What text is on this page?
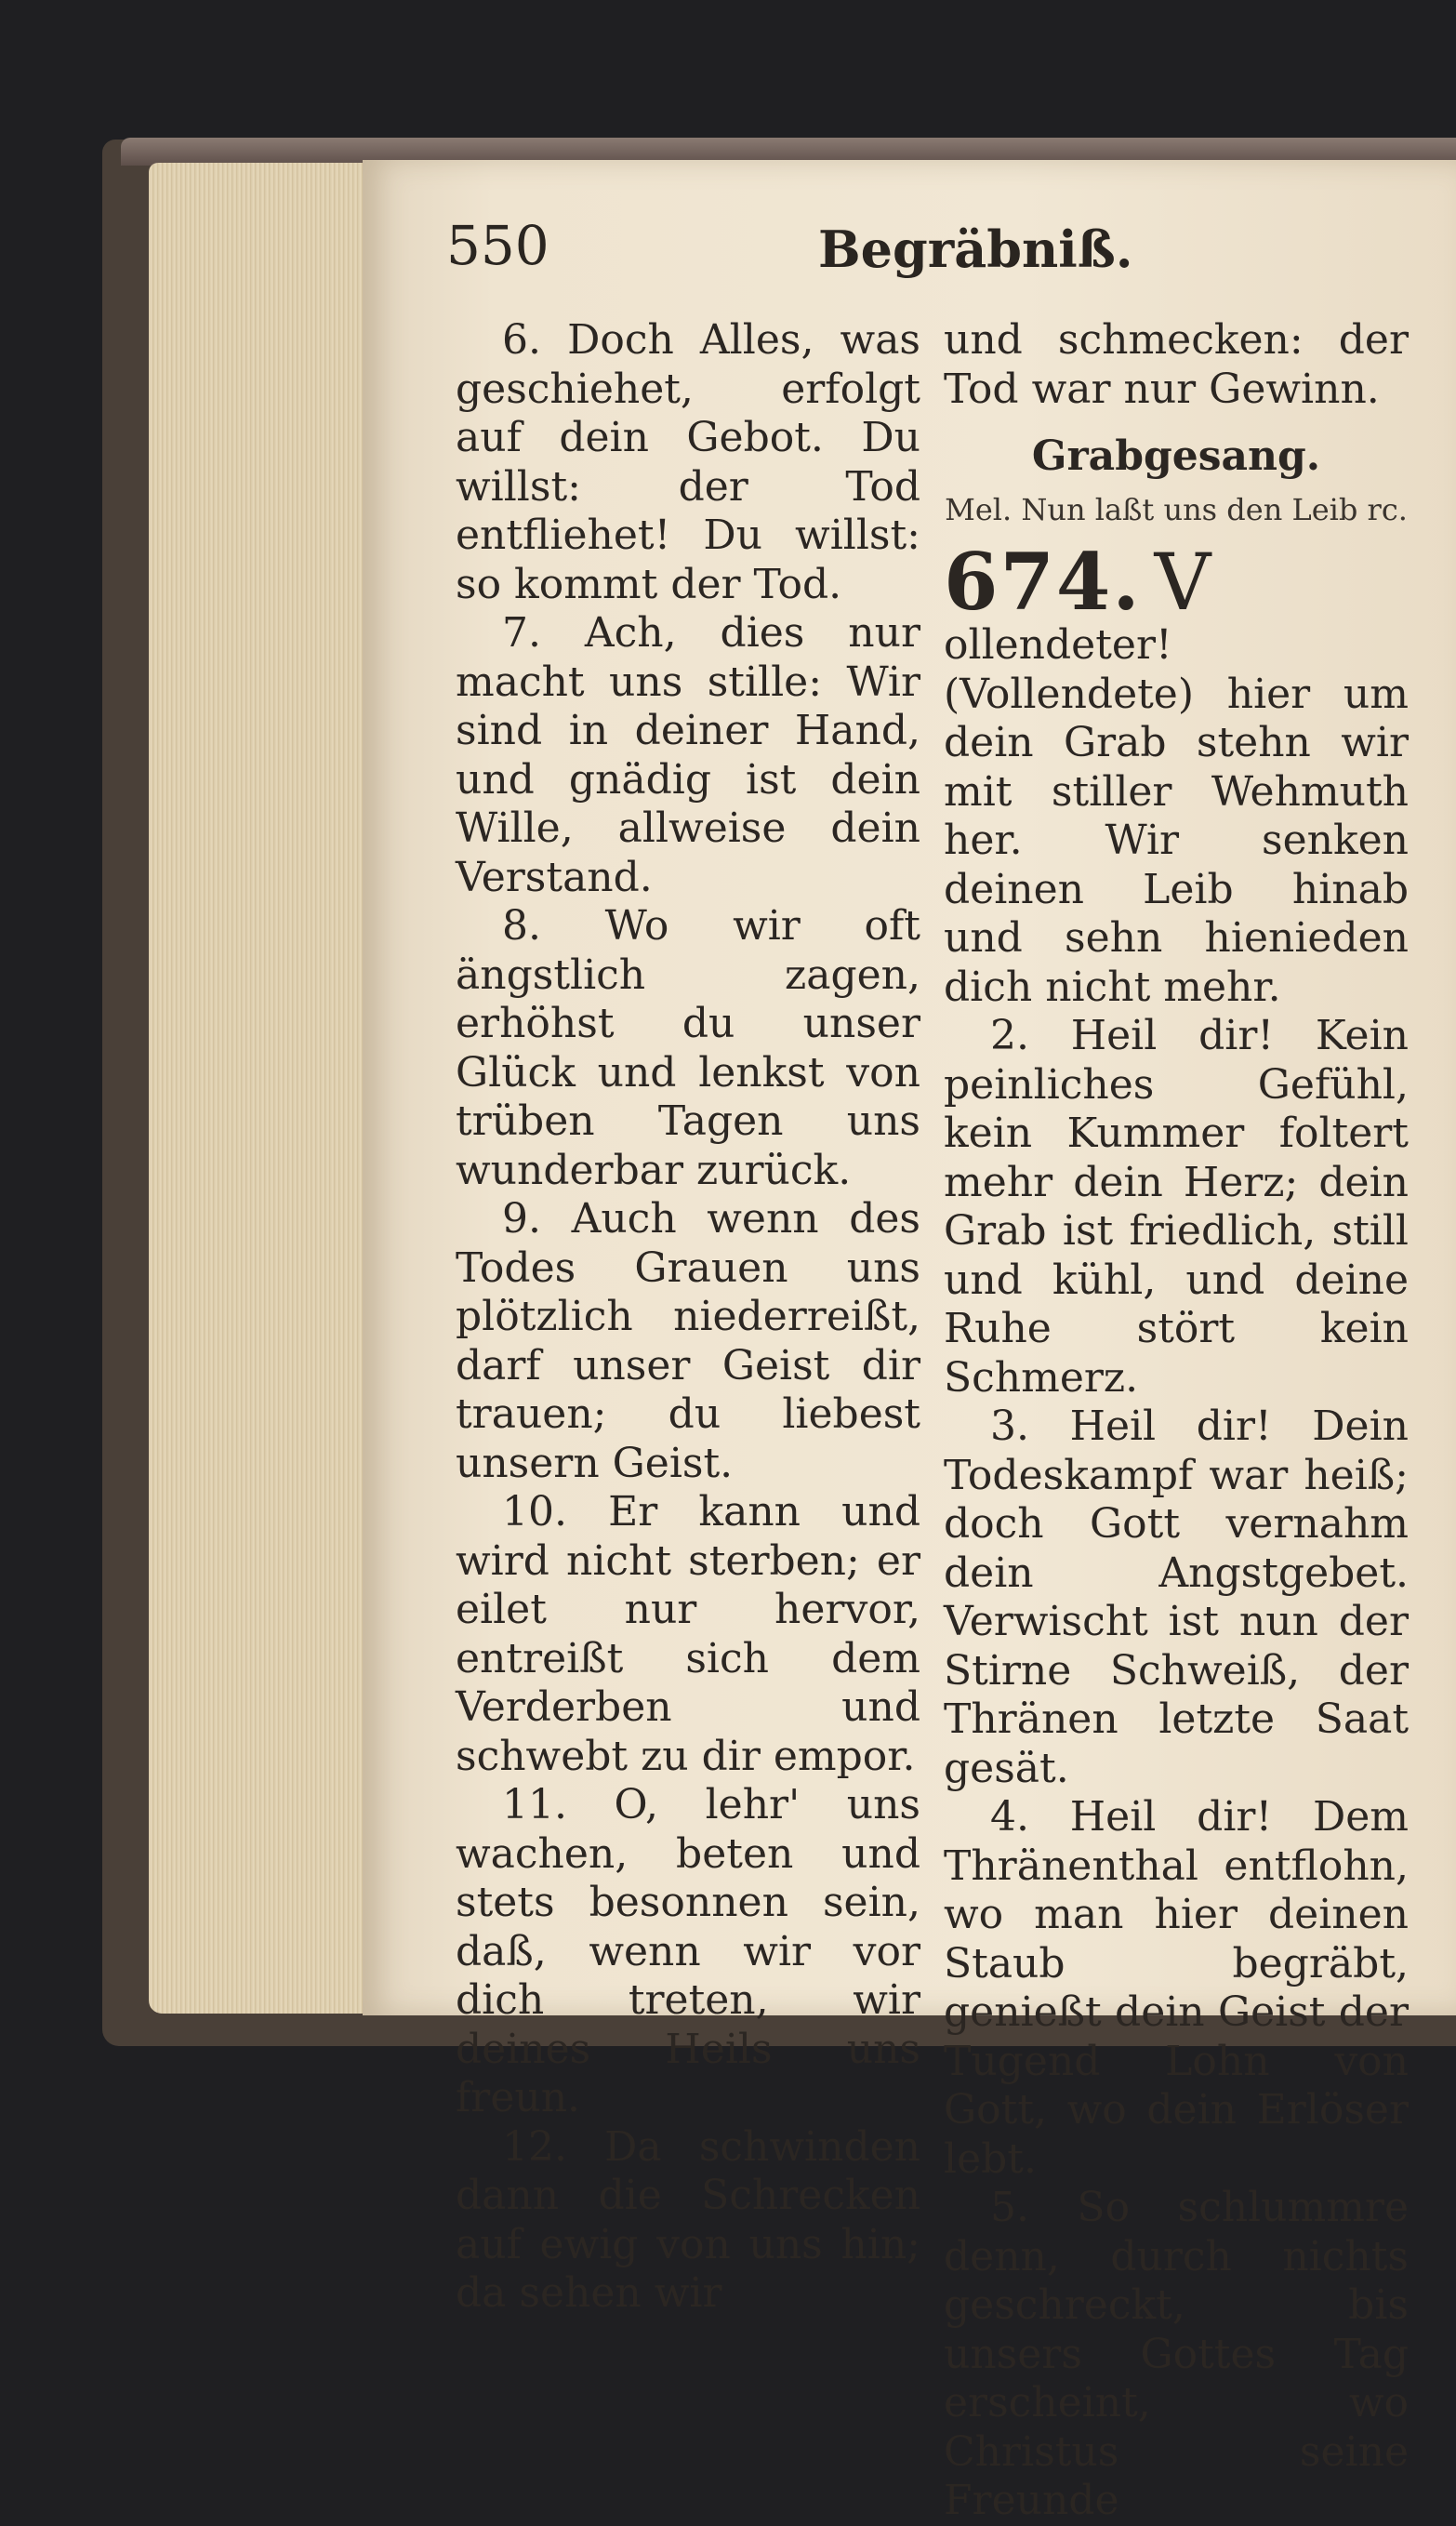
550	Begräbniß.

6. Doch Alles, was geschiehet, erfolgt auf dein Gebot. Du willst: der Tod entfliehet! Du willst: so kommt der Tod.

7. Ach, dies nur macht uns stille: Wir sind in deiner Hand, und gnädig ist dein Wille, allweise dein Verstand.

8. Wo wir oft ängstlich zagen, erhöhst du unser Glück und lenkst von trüben Tagen uns wunderbar zurück.

9. Auch wenn des Todes Grauen uns plötzlich niederreißt, darf unser Geist dir trauen; du liebest unsern Geist.

10. Er kann und wird nicht sterben; er eilet nur hervor, entreißt sich dem Verderben und schwebt zu dir empor.

11. O, lehr' uns wachen, beten und stets besonnen sein, daß, wenn wir vor dich treten, wir deines Heils uns freun.

12. Da schwinden dann die Schrecken auf ewig von uns hin; da sehen wir

und schmecken: der Tod war nur Gewinn.

Grabgesang.

Mel. Nun laßt uns den Leib rc.

674. V
ollendeter! (Vollendete) hier um dein Grab stehn wir mit stiller Wehmuth her. Wir senken deinen Leib hinab und sehn hienieden dich nicht mehr.

2. Heil dir! Kein peinliches Gefühl, kein Kummer foltert mehr dein Herz; dein Grab ist friedlich, still und kühl, und deine Ruhe stört kein Schmerz.

3. Heil dir! Dein Todeskampf war heiß; doch Gott vernahm dein Angstgebet. Verwischt ist nun der Stirne Schweiß, der Thränen letzte Saat gesät.

4. Heil dir! Dem Thränenthal entflohn, wo man hier deinen Staub begräbt, genießt dein Geist der Tugend Lohn von Gott, wo dein Erlöser lebt.

5. So schlummre denn, durch nichts geschreckt, bis unsers Gottes Tag erscheint, wo Christus seine Freunde
